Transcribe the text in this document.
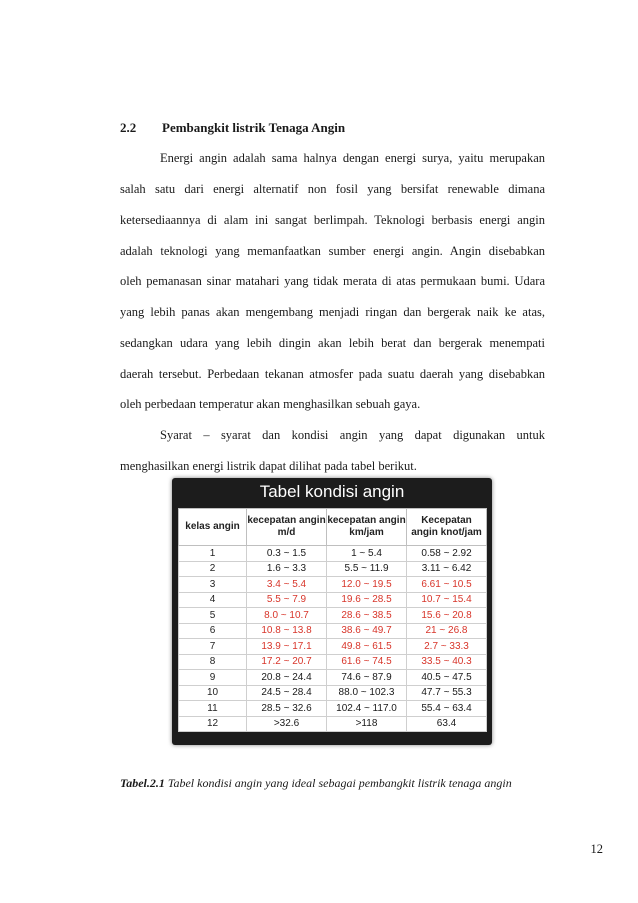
2.2 Pembangkit listrik Tenaga Angin
Energi angin adalah sama halnya dengan energi surya, yaitu merupakan
salah satu dari energi alternatif non fosil yang bersifat renewable dimana
ketersediaannya di alam ini sangat berlimpah. Teknologi berbasis energi angin
adalah teknologi yang memanfaatkan sumber energi angin. Angin disebabkan
oleh pemanasan sinar matahari yang tidak merata di atas permukaan bumi. Udara
yang lebih panas akan mengembang menjadi ringan dan bergerak naik ke atas,
sedangkan udara yang lebih dingin akan lebih berat dan bergerak menempati
daerah tersebut. Perbedaan tekanan atmosfer pada suatu daerah yang disebabkan
oleh perbedaan temperatur akan menghasilkan sebuah gaya.
Syarat – syarat dan kondisi angin yang dapat digunakan untuk
menghasilkan energi listrik dapat dilihat pada tabel berikut.
Tabel kondisi angin
kelas angin	kecepatan angin m/d	kecepatan angin km/jam	Kecepatan angin knot/jam
1	0.3 ~ 1.5	1 ~ 5.4	0.58 ~ 2.92
2	1.6 ~ 3.3	5.5 ~ 11.9	3.11 ~ 6.42
3	3.4 ~ 5.4	12.0 ~ 19.5	6.61 ~ 10.5
4	5.5 ~ 7.9	19.6 ~ 28.5	10.7 ~ 15.4
5	8.0 ~ 10.7	28.6 ~ 38.5	15.6 ~ 20.8
6	10.8 ~ 13.8	38.6 ~ 49.7	21 ~ 26.8
7	13.9 ~ 17.1	49.8 ~ 61.5	2.7 ~ 33.3
8	17.2 ~ 20.7	61.6 ~ 74.5	33.5 ~ 40.3
9	20.8 ~ 24.4	74.6 ~ 87.9	40.5 ~ 47.5
10	24.5 ~ 28.4	88.0 ~ 102.3	47.7 ~ 55.3
11	28.5 ~ 32.6	102.4 ~ 117.0	55.4 ~ 63.4
12	>32.6	>118	63.4
Tabel.2.1 Tabel kondisi angin yang ideal sebagai pembangkit listrik tenaga angin
12
